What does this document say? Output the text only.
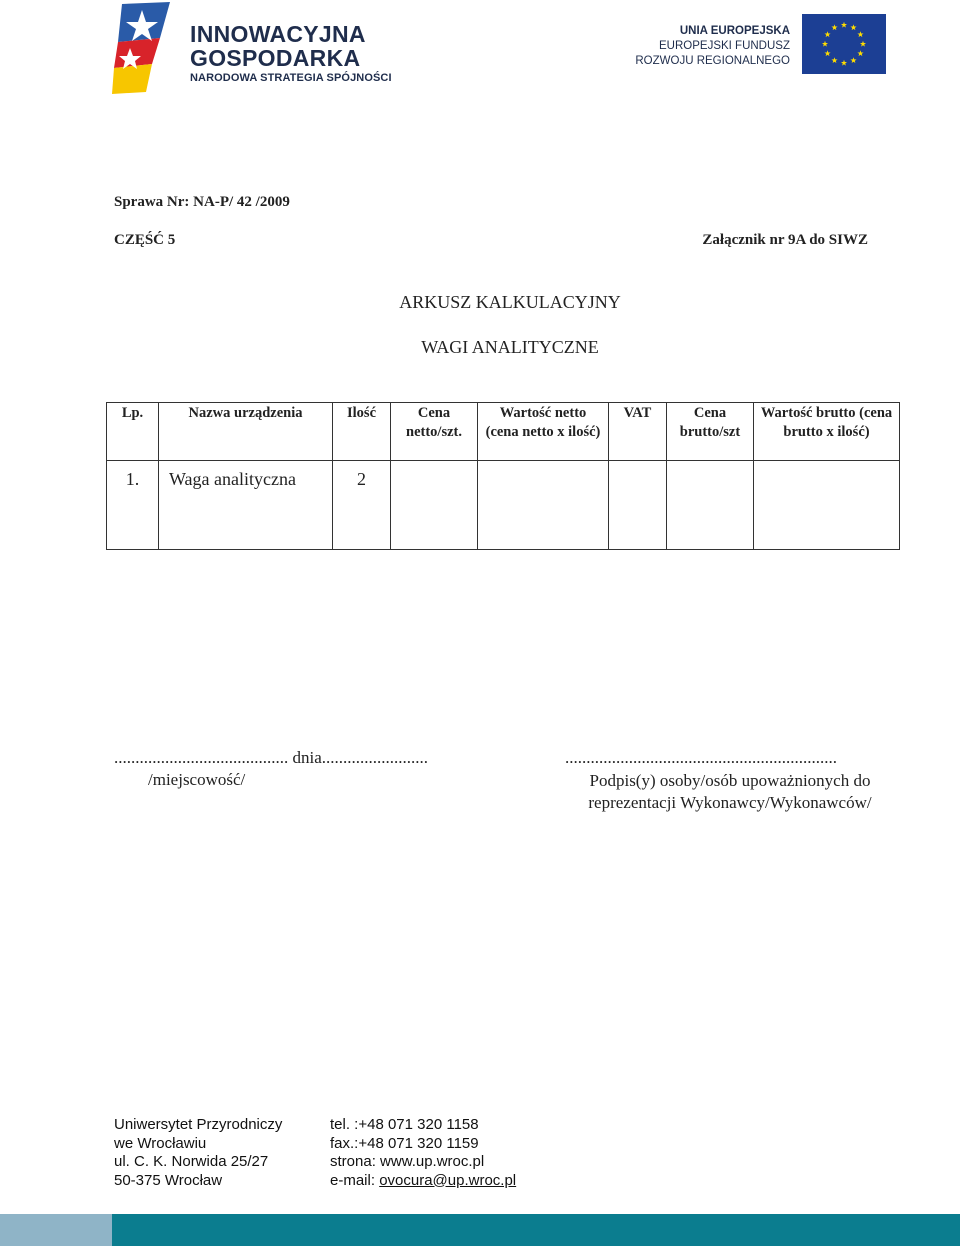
INNOWACYJNA
GOSPODARKA
NARODOWA STRATEGIA SPÓJNOŚCI
UNIA EUROPEJSKA
EUROPEJSKI FUNDUSZ
ROZWOJU REGIONALNEGO
Sprawa Nr: NA-P/ 42 /2009
CZĘŚĆ 5	Załącznik nr 9A do SIWZ
ARKUSZ KALKULACYJNY
WAGI ANALITYCZNE
Lp.	Nazwa urządzenia	Ilość	Cena netto/szt.	Wartość netto (cena netto x ilość)	VAT	Cena brutto/szt	Wartość brutto (cena brutto x ilość)
1.	Waga analityczna	2					
......................................... dnia.........................
/miejscowość/
................................................................
Podpis(y) osoby/osób upoważnionych do reprezentacji Wykonawcy/Wykonawców/
Uniwersytet Przyrodniczy
we Wrocławiu
ul. C. K. Norwida 25/27
50-375 Wrocław
tel. :+48 071 320 1158
fax.:+48 071 320 1159
strona: www.up.wroc.pl
e-mail: ovocura@up.wroc.pl
